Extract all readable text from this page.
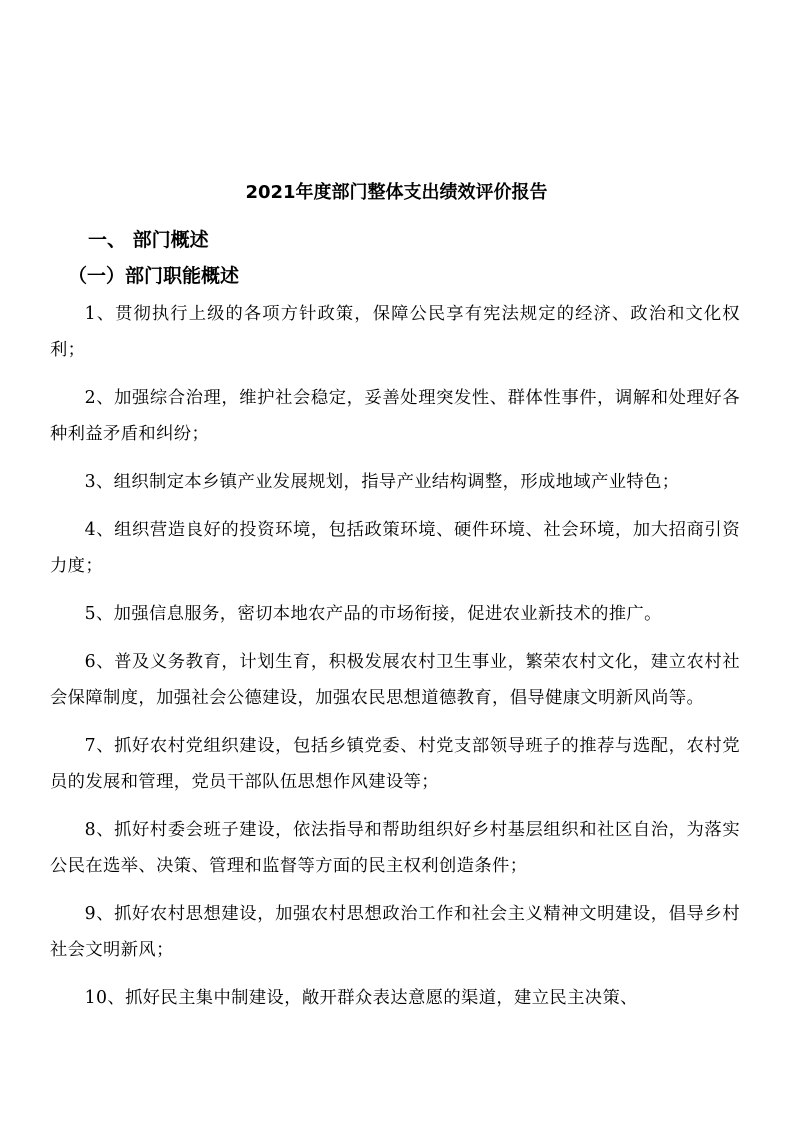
2021年度部门整体支出绩效评价报告
一、 部门概述
（一）部门职能概述

1、贯彻执行上级的各项方针政策，保障公民享有宪法规定的经济、政治和文化权利；

2、加强综合治理，维护社会稳定，妥善处理突发性、群体性事件，调解和处理好各种利益矛盾和纠纷；

3、组织制定本乡镇产业发展规划，指导产业结构调整，形成地域产业特色；

4、组织营造良好的投资环境，包括政策环境、硬件环境、社会环境，加大招商引资力度；

5、加强信息服务，密切本地农产品的市场衔接，促进农业新技术的推广。

6、普及义务教育，计划生育，积极发展农村卫生事业，繁荣农村文化，建立农村社会保障制度，加强社会公德建设，加强农民思想道德教育，倡导健康文明新风尚等。

7、抓好农村党组织建设，包括乡镇党委、村党支部领导班子的推荐与选配，农村党员的发展和管理，党员干部队伍思想作风建设等；

8、抓好村委会班子建设，依法指导和帮助组织好乡村基层组织和社区自治，为落实公民在选举、决策、管理和监督等方面的民主权利创造条件；

9、抓好农村思想建设，加强农村思想政治工作和社会主义精神文明建设，倡导乡村社会文明新风；

10、抓好民主集中制建设，敞开群众表达意愿的渠道，建立民主决策、
